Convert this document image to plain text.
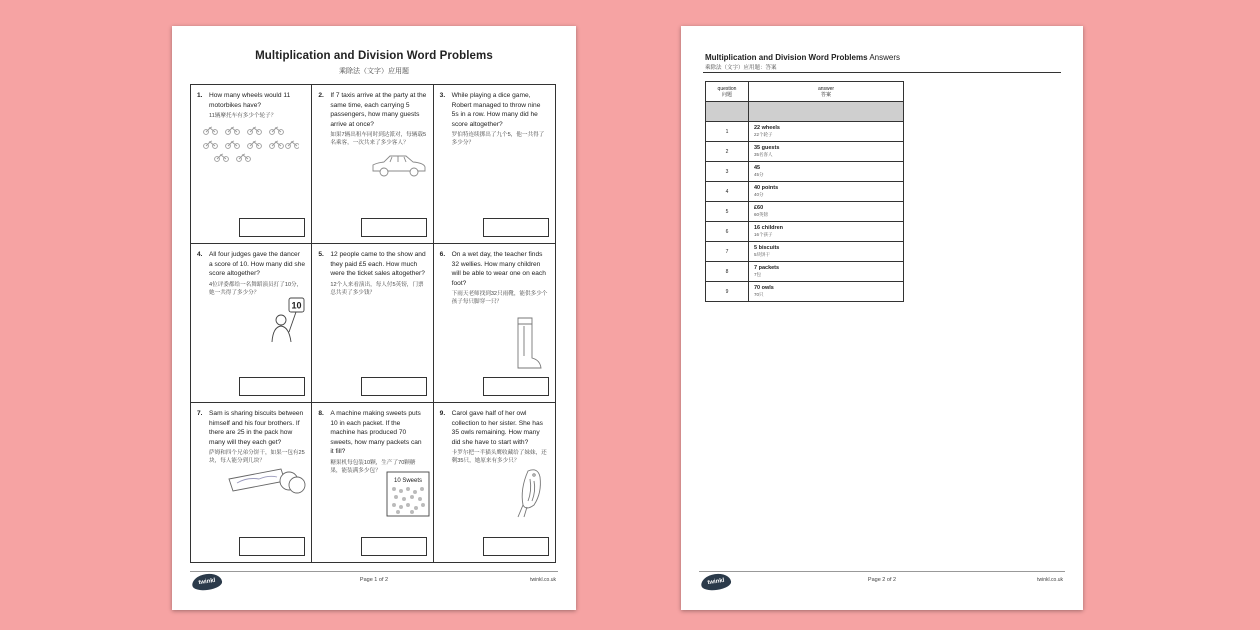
Multiplication and Division Word Problems
乘除法（文字）应用题
1. How many wheels would 11 motorbikes have?
11辆摩托车有多少个轮子？
2. If 7 taxis arrive at the party at the same time, each carrying 5 passengers, how many guests arrive at once?
如果7辆出租车同时到达派对，每辆载5名乘客，一次共来了多少客人？
3. While playing a dice game, Robert managed to throw nine 5s in a row. How many did he score altogether?
罗伯特连续掷出了九个5，他一共得了多少分？
4. All four judges gave the dancer a score of 10. How many did she score altogether?
4位评委都给一名舞蹈演员打了10分，她一共得了多少分？
10
5. 12 people came to the show and they paid £5 each. How much were the ticket sales altogether?
12个人来看演出，每人付5英镑，门票总共卖了多少钱？
6. On a wet day, the teacher finds 32 wellies. How many children will be able to wear one on each foot?
下雨天老师找到32只雨靴，能供多少个孩子每只脚穿一只？
7. Sam is sharing biscuits between himself and his four brothers. If there are 25 in the pack how many will they each get?
萨姆和四个兄弟分饼干，如果一包有25块，每人能分到几块？
8. A machine making sweets puts 10 in each packet. If the machine has produced 70 sweets, how many packets can it fill?
糖果机每包装10颗，生产了70颗糖果，能装满多少包？
10 Sweets
9. Carol gave half of her owl collection to her sister. She has 35 owls remaining. How many did she have to start with?
卡罗尔把一半猫头鹰收藏给了妹妹，还剩35只，她原来有多少只？
twinkl	Page 1 of 2	twinkl.co.uk
Multiplication and Division Word Problems Answers
乘除法（文字）应用题：答案
question
问题	answer
答案

1	22 wheels
22个轮子

2	35 guests
35名客人

3	45
45分

4	40 points
40分

5	£60
60英镑

6	16 children
16个孩子

7	5 biscuits
5块饼干

8	7 packets
7包

9	70 owls
70只
twinkl	Page 2 of 2	twinkl.co.uk
